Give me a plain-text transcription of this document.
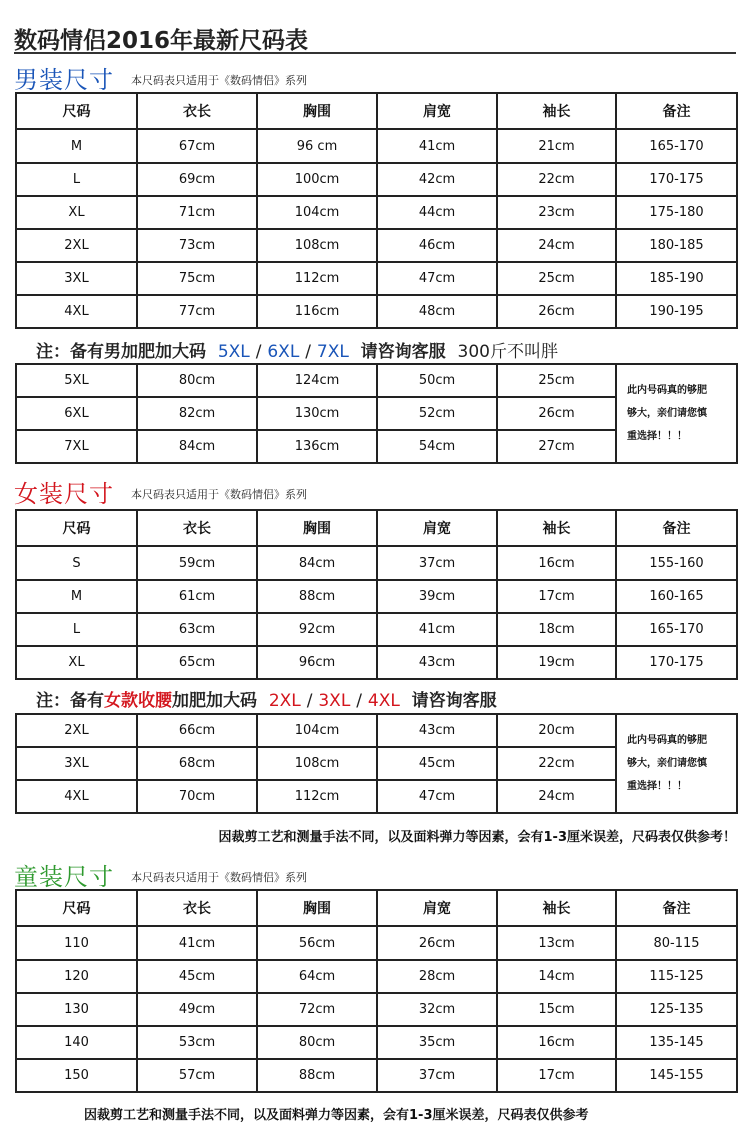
数码情侣2016年最新尺码表
男装尺寸 本尺码表只适用于《数码情侣》系列
尺码	衣长	胸围	肩宽	袖长	备注
M	67cm	96 cm	41cm	21cm	165-170
L	69cm	100cm	42cm	22cm	170-175
XL	71cm	104cm	44cm	23cm	175-180
2XL	73cm	108cm	46cm	24cm	180-185
3XL	75cm	112cm	47cm	25cm	185-190
4XL	77cm	116cm	48cm	26cm	190-195
注：备有男加肥加大码 5XL / 6XL / 7XL 请咨询客服 300斤不叫胖
5XL	80cm	124cm	50cm	25cm	此内号码真的够肥
够大，亲们请您慎
重选择！！！

6XL	82cm	130cm	52cm	26cm	
7XL	84cm	136cm	54cm	27cm	
女装尺寸 本尺码表只适用于《数码情侣》系列
尺码	衣长	胸围	肩宽	袖长	备注
S	59cm	84cm	37cm	16cm	155-160
M	61cm	88cm	39cm	17cm	160-165
L	63cm	92cm	41cm	18cm	165-170
XL	65cm	96cm	43cm	19cm	170-175
注：备有女款收腰加肥加大码 2XL / 3XL / 4XL 请咨询客服
2XL	66cm	104cm	43cm	20cm	此内号码真的够肥
够大，亲们请您慎
重选择！！！

3XL	68cm	108cm	45cm	22cm	
4XL	70cm	112cm	47cm	24cm	
因裁剪工艺和测量手法不同，以及面料弹力等因素，会有1-3厘米误差，尺码表仅供参考！
童装尺寸 本尺码表只适用于《数码情侣》系列
尺码	衣长	胸围	肩宽	袖长	备注
110	41cm	56cm	26cm	13cm	80-115
120	45cm	64cm	28cm	14cm	115-125
130	49cm	72cm	32cm	15cm	125-135
140	53cm	80cm	35cm	16cm	135-145
150	57cm	88cm	37cm	17cm	145-155
因裁剪工艺和测量手法不同，以及面料弹力等因素，会有1-3厘米误差，尺码表仅供参考
